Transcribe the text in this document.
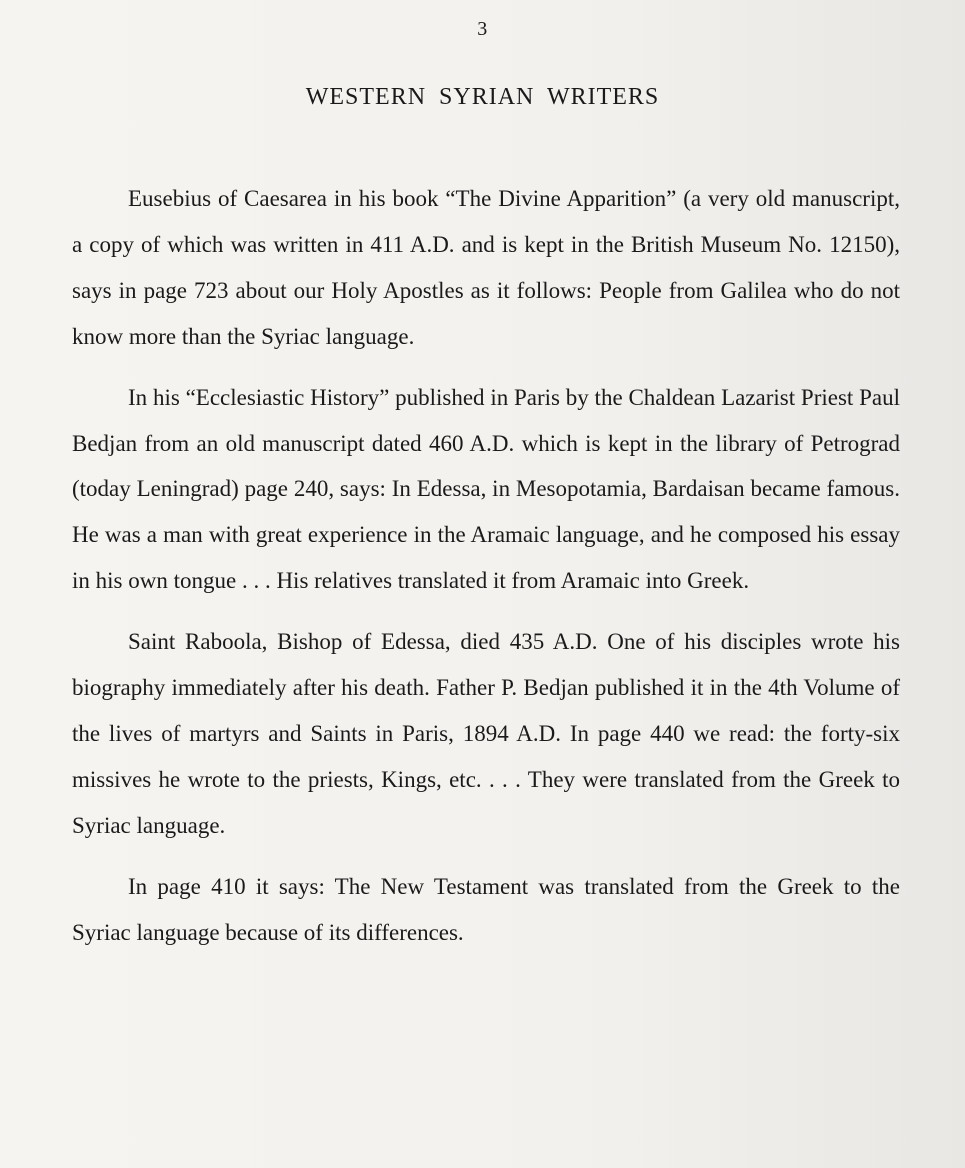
3
WESTERN SYRIAN WRITERS

Eusebius of Caesarea in his book “The Divine Apparition” (a very old manuscript, a copy of which was written in 411 A.D. and is kept in the British Museum No. 12150), says in page 723 about our Holy Apostles as it follows: People from Galilea who do not know more than the Syriac language.

In his “Ecclesiastic History” published in Paris by the Chaldean Lazarist Priest Paul Bedjan from an old manuscript dated 460 A.D. which is kept in the library of Petrograd (today Leningrad) page 240, says: In Edessa, in Mesopotamia, Bardaisan became famous. He was a man with great experience in the Aramaic language, and he composed his essay in his own tongue . . . His relatives translated it from Aramaic into Greek.

Saint Raboola, Bishop of Edessa, died 435 A.D. One of his disciples wrote his biography immediately after his death. Father P. Bedjan published it in the 4th Volume of the lives of martyrs and Saints in Paris, 1894 A.D. In page 440 we read: the forty-six missives he wrote to the priests, Kings, etc. . . . They were translated from the Greek to Syriac language.

In page 410 it says: The New Testament was translated from the Greek to the Syriac language because of its differences.
